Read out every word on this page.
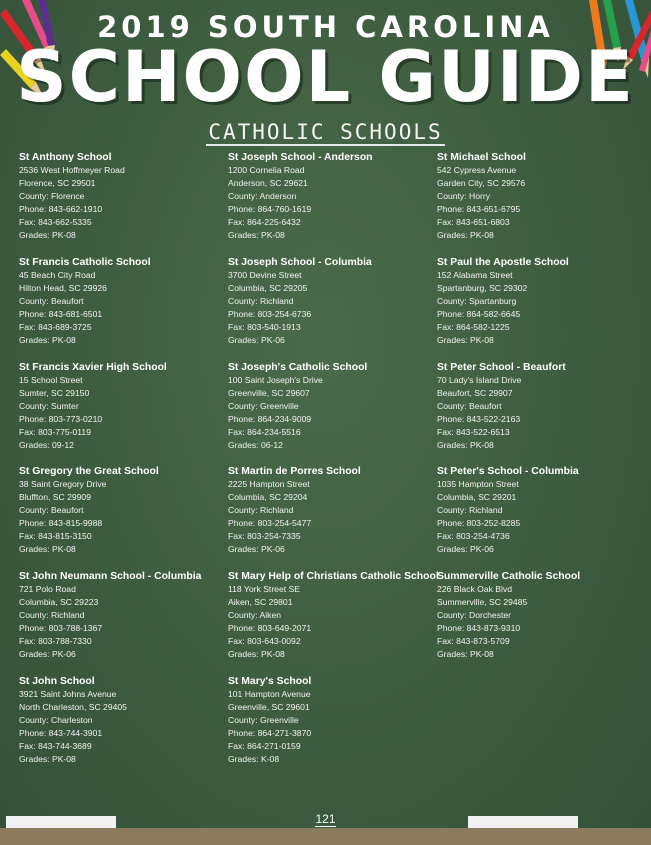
2019 SOUTH CAROLINA
SCHOOL GUIDE
CATHOLIC SCHOOLS
St Anthony School
2536 West Hoffmeyer Road
Florence, SC 29501
County: Florence
Phone: 843-662-1910
Fax: 843-662-5335
Grades: PK-08
St Joseph School - Anderson
1200 Cornelia Road
Anderson, SC 29621
County: Anderson
Phone: 864-760-1619
Fax: 864-225-6432
Grades: PK-08
St Michael School
542 Cypress Avenue
Garden City, SC 29576
County: Horry
Phone: 843-651-6795
Fax: 843-651-6803
Grades: PK-08
St Francis Catholic School
45 Beach City Road
Hilton Head, SC 29926
County: Beaufort
Phone: 843-681-6501
Fax: 843-689-3725
Grades: PK-08
St Joseph School - Columbia
3700 Devine Street
Columbia, SC 29205
County: Richland
Phone: 803-254-6736
Fax: 803-540-1913
Grades: PK-06
St Paul the Apostle School
152 Alabama Street
Spartanburg, SC 29302
County: Spartanburg
Phone: 864-582-6645
Fax: 864-582-1225
Grades: PK-08
St Francis Xavier High School
15 School Street
Sumter, SC 29150
County: Sumter
Phone: 803-773-0210
Fax: 803-775-0119
Grades: 09-12
St Joseph's Catholic School
100 Saint Joseph's Drive
Greenville, SC 29607
County: Greenville
Phone: 864-234-9009
Fax: 864-234-5516
Grades: 06-12
St Peter School - Beaufort
70 Lady's Island Drive
Beaufort, SC 29907
County: Beaufort
Phone: 843-522-2163
Fax: 843-522-6513
Grades: PK-08
St Gregory the Great School
38 Saint Gregory Drive
Bluffton, SC 29909
County: Beaufort
Phone: 843-815-9988
Fax: 843-815-3150
Grades: PK-08
St Martin de Porres School
2225 Hampton Street
Columbia, SC 29204
County: Richland
Phone: 803-254-5477
Fax: 803-254-7335
Grades: PK-06
St Peter's School - Columbia
1035 Hampton Street
Columbia, SC 29201
County: Richland
Phone: 803-252-8285
Fax: 803-254-4736
Grades: PK-06
St John Neumann School - Columbia
721 Polo Road
Columbia, SC 29223
County: Richland
Phone: 803-788-1367
Fax: 803-788-7330
Grades: PK-06
St Mary Help of Christians Catholic School
118 York Street SE
Aiken, SC 29801
County: Aiken
Phone: 803-649-2071
Fax: 803-643-0092
Grades: PK-08
Summerville Catholic School
226 Black Oak Blvd
Summerville, SC 29485
County: Dorchester
Phone: 843-873-9310
Fax: 843-873-5709
Grades: PK-08
St John School
3921 Saint Johns Avenue
North Charleston, SC 29405
County: Charleston
Phone: 843-744-3901
Fax: 843-744-3689
Grades: PK-08
St Mary's School
101 Hampton Avenue
Greenville, SC 29601
County: Greenville
Phone: 864-271-3870
Fax: 864-271-0159
Grades: K-08
121
